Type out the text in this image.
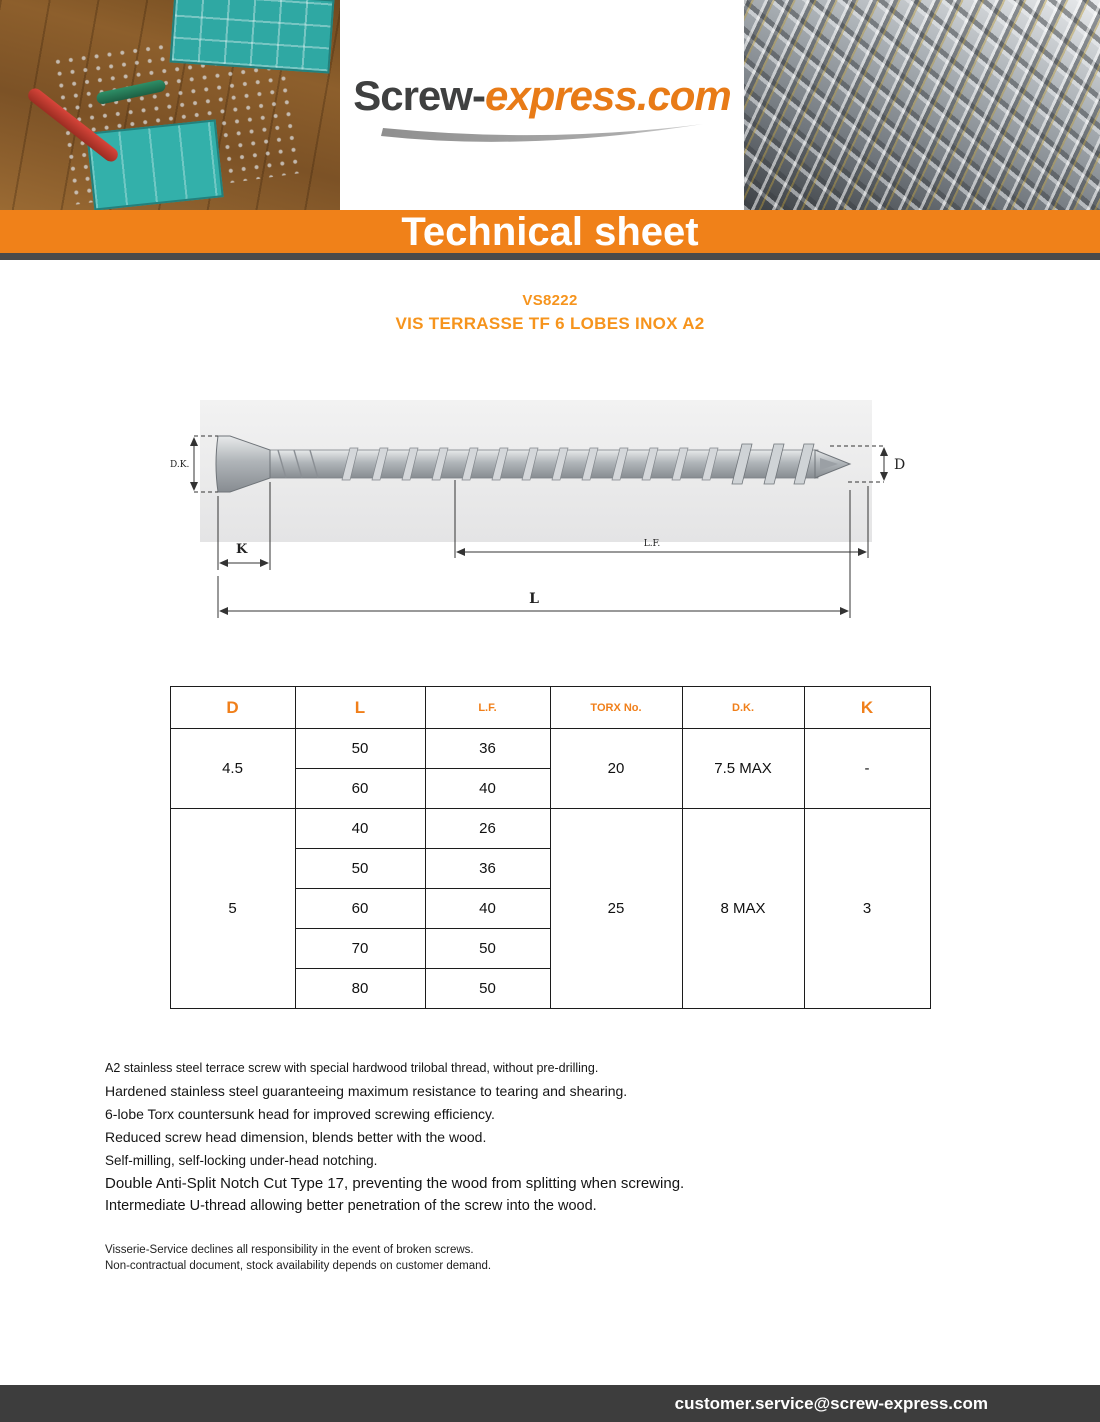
Screw-express.com
Technical sheet
VS8222
VIS TERRASSE TF 6 LOBES INOX A2
D.K.	D
L.F.
K
L
D	L	L.F.	TORX No.	D.K.	K
4.5	50	36	20	7.5 MAX	-
	60	40			
5	40	26	25	8 MAX	3
	50	36			
	60	40			
	70	50			
	80	50			
A2 stainless steel terrace screw with special hardwood trilobal thread, without pre-drilling.
Hardened stainless steel guaranteeing maximum resistance to tearing and shearing.
6-lobe Torx countersunk head for improved screwing efficiency.
Reduced screw head dimension, blends better with the wood.
Self-milling, self-locking under-head notching.
Double Anti-Split Notch Cut Type 17, preventing the wood from splitting when screwing.
Intermediate U-thread allowing better penetration of the screw into the wood.
Visserie-Service declines all responsibility in the event of broken screws.
Non-contractual document, stock availability depends on customer demand.
customer.service@screw-express.com
